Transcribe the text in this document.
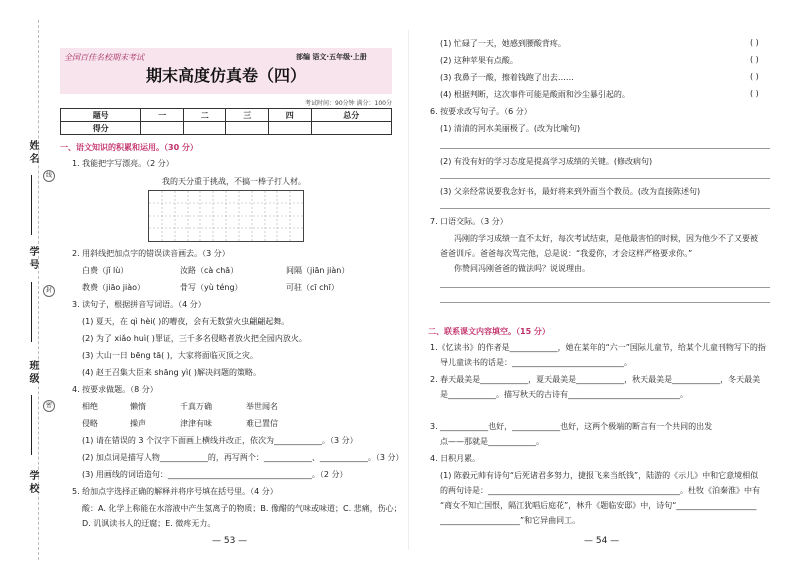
姓名
学号
班级
学校
线
封
密
全国百佳名校期末考试	部编 语文·五年级·上册
期末高度仿真卷（四）
考试时间：90分钟 满分：100分
题号	一	二	三	四	总分
得分					
一、语文知识的积累和运用。（30 分）
1. 我能把字写漂亮。（2 分）
我的天分重于挑战，不搞一棒子打人材。
2. 用斜线把加点字的错误读音画去。（3 分）
白费（jǐ lù）	汝路（cà chā）	间隔（jiān jiàn）
教费（jiāo jiào）	骨写（yù téng）	可驻（cī chī）
3. 读句子，根据拼音写词语。（4 分）
(1) 夏天，在 qì hèi( )的嘈夜，会有无数萤火虫翩翩起舞。
(2) 为了 xiǎo huì( )罪证，三千多名侵略者放火把全园内放火。
(3) 大山一日 bēng tā( )，大家将面临灭顶之灾。
(4) 赵王召集大臣来 shāng yì( )解决问题的策略。
4. 按要求做题。（8 分）
相绝	懒惰	千真万确	举世闻名
侵略	操声	津津有味	难已置信
(1) 请在错误的 3 个汉字下面画上横线并改正，依次为____________。（3 分）
(2) 加点词是描写人物____________的，再写两个：____________、____________。（3 分）
(3) 用画线的词语造句：____________________________________。（2 分）
5. 给加点字选择正确的解释并将序号填在括号里。（4 分）
酸：A. 化学上称能在水溶液中产生氢离子的物质；B. 像醋的气味或味道；C. 悲痛，伤心；
D. 讥讽读书人的迂腐；E. 微疼无力。
— 53 —
(1) 忙碌了一天，她感到腰酸背疼。	( )
(2) 这种苹果有点酸。	( )
(3) 我鼻子一酸，擦着钱跑了出去……	( )
(4) 根据判断，这次事件可能是酸雨和沙尘暴引起的。	( )
6. 按要求改写句子。（6 分）
(1) 清清的河水美丽极了。(改为比喻句)
(2) 有没有好的学习态度是提高学习成绩的关键。(修改病句)
(3) 父亲经常说要我念好书，最好将来到外面当个教员。(改为直接陈述句)
7. 口语交际。（3 分）
冯刚的学习成绩一直不太好，每次考试结束，是他最害怕的时候，因为他少不了又要被
爸爸训斥。爸爸每次骂完他，总是说：“我爱你，才会这样严格要求你。”
你赞同冯刚爸爸的做法吗？说说理由。
二、联系课文内容填空。（15 分）
1.《忆读书》的作者是____________，她在某年的“六一”国际儿童节，给某个儿童刊物写下的指
导儿童读书的话是：____________________________。
2. 春天最美是____________，夏天最美是____________，秋天最美是____________，冬天最美
是____________。描写秋天的古诗有____________________________。
3. ____________也好，____________也好，这两个极端的断言有一个共同的出发
点——那就是____________。
4. 日积月累。
(1) 陈毅元帅有诗句“后死诸君多努力，捷报飞来当纸钱”，陆游的《示儿》中和它意境相似
的两句诗是：________________________________________________。杜牧《泊秦淮》中有
“商女不知亡国恨，隔江犹唱后庭花”，林升《题临安邸》中，诗句“____________________
____________________”和它异曲同工。
— 54 —
